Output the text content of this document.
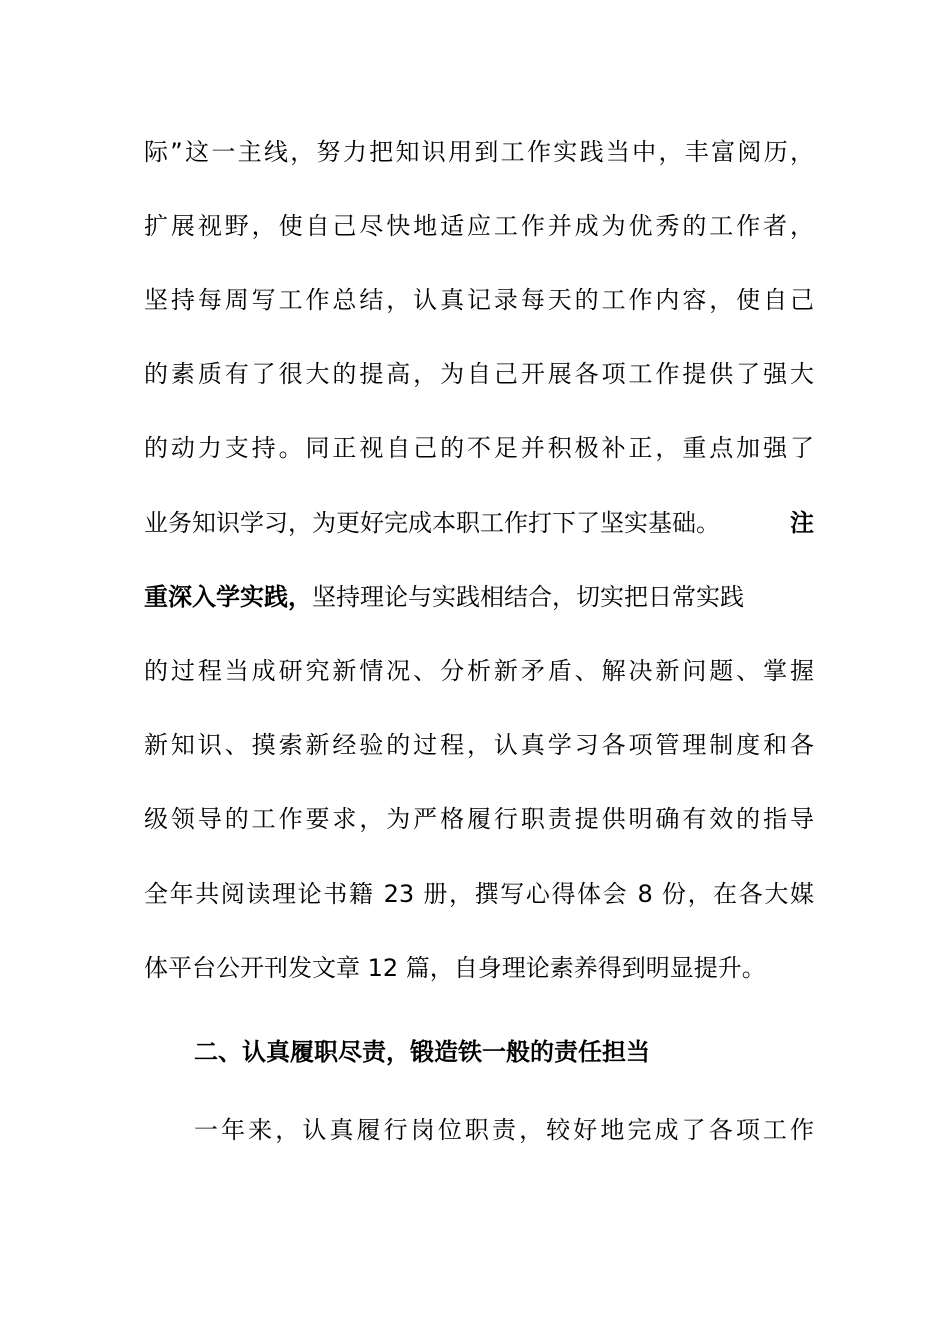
际”这一主线，努力把知识用到工作实践当中，丰富阅历，
扩展视野，使自己尽快地适应工作并成为优秀的工作者，
坚持每周写工作总结，认真记录每天的工作内容，使自己
的素质有了很大的提高，为自己开展各项工作提供了强大
的动力支持。同正视自己的不足并积极补正，重点加强了
业务知识学习，为更好完成本职工作打下了坚实基础。	注
重深入学实践，坚持理论与实践相结合，切实把日常实践
的过程当成研究新情况、分析新矛盾、解决新问题、掌握
新知识、摸索新经验的过程，认真学习各项管理制度和各
级领导的工作要求，为严格履行职责提供明确有效的指导
全年共阅读理论书籍 23 册，撰写心得体会 8 份，在各大媒
体平台公开刊发文章 12 篇，自身理论素养得到明显提升。
二、认真履职尽责，锻造铁一般的责任担当
一年来，认真履行岗位职责，较好地完成了各项工作
